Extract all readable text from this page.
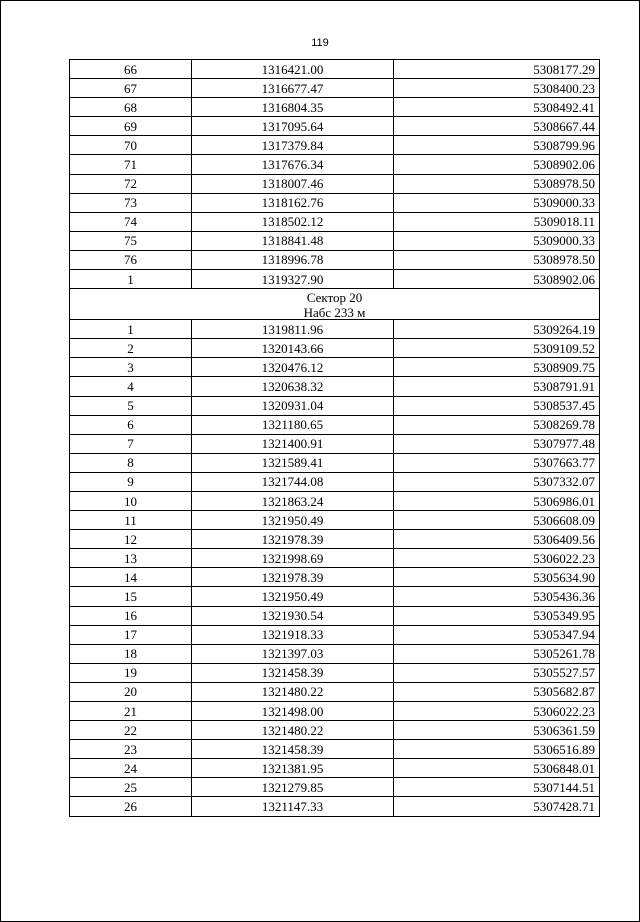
119
66	1316421.00	5308177.29
67	1316677.47	5308400.23
68	1316804.35	5308492.41
69	1317095.64	5308667.44
70	1317379.84	5308799.96
71	1317676.34	5308902.06
72	1318007.46	5308978.50
73	1318162.76	5309000.33
74	1318502.12	5309018.11
75	1318841.48	5309000.33
76	1318996.78	5308978.50
1	1319327.90	5308902.06

Сектор 20
Набс 233 м		

1	1319811.96	5309264.19
2	1320143.66	5309109.52
3	1320476.12	5308909.75
4	1320638.32	5308791.91
5	1320931.04	5308537.45
6	1321180.65	5308269.78
7	1321400.91	5307977.48
8	1321589.41	5307663.77
9	1321744.08	5307332.07
10	1321863.24	5306986.01
11	1321950.49	5306608.09
12	1321978.39	5306409.56
13	1321998.69	5306022.23
14	1321978.39	5305634.90
15	1321950.49	5305436.36
16	1321930.54	5305349.95
17	1321918.33	5305347.94
18	1321397.03	5305261.78
19	1321458.39	5305527.57
20	1321480.22	5305682.87
21	1321498.00	5306022.23
22	1321480.22	5306361.59
23	1321458.39	5306516.89
24	1321381.95	5306848.01
25	1321279.85	5307144.51
26	1321147.33	5307428.71
